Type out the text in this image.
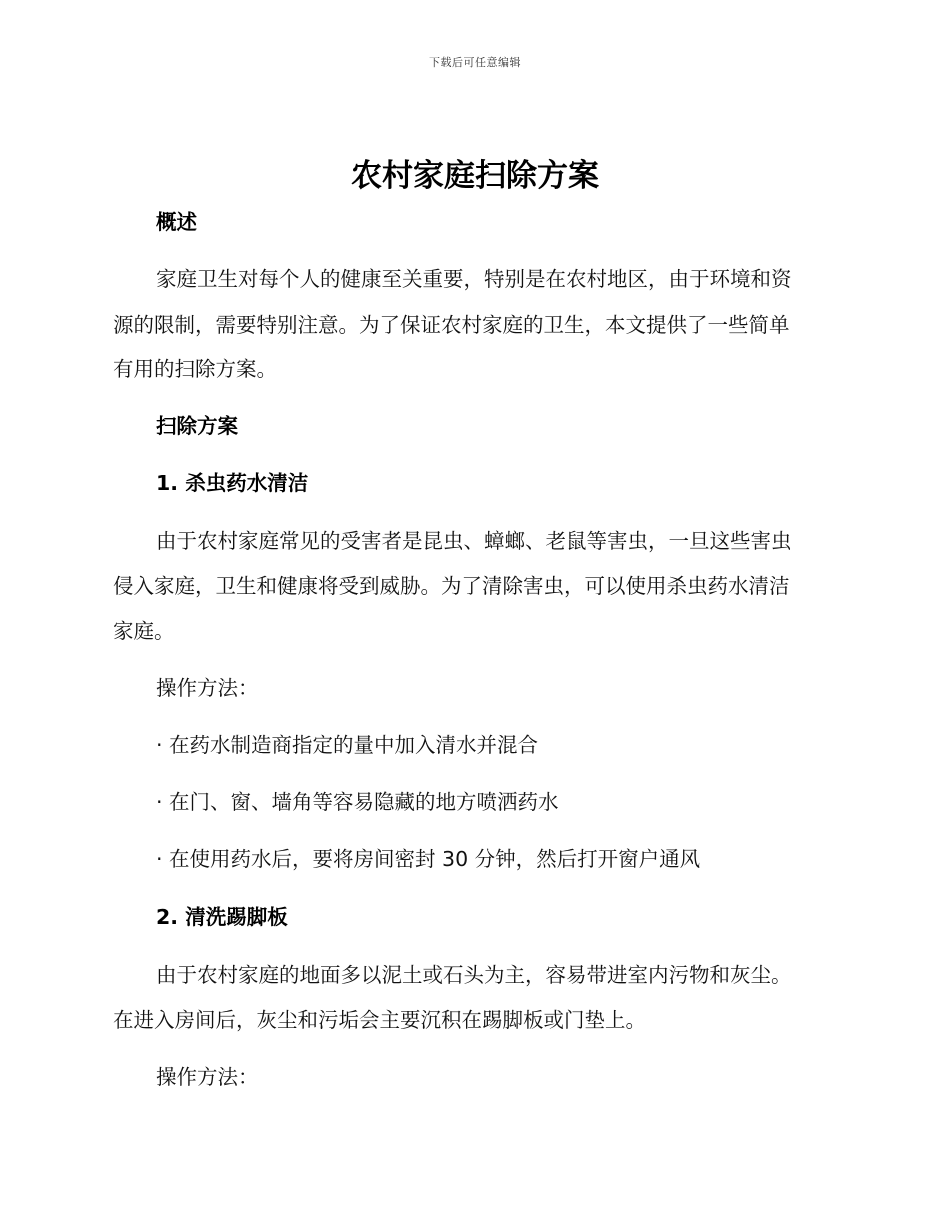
下载后可任意编辑
农村家庭扫除方案
概述
家庭卫生对每个人的健康至关重要，特别是在农村地区，由于环境和资
源的限制，需要特别注意。为了保证农村家庭的卫生，本文提供了一些简单
有用的扫除方案。
扫除方案
1. 杀虫药水清洁
由于农村家庭常见的受害者是昆虫、蟑螂、老鼠等害虫，一旦这些害虫
侵入家庭，卫生和健康将受到威胁。为了清除害虫，可以使用杀虫药水清洁
家庭。
操作方法：
· 在药水制造商指定的量中加入清水并混合
· 在门、窗、墙角等容易隐藏的地方喷洒药水
· 在使用药水后，要将房间密封 30 分钟，然后打开窗户通风
2. 清洗踢脚板
由于农村家庭的地面多以泥土或石头为主，容易带进室内污物和灰尘。
在进入房间后，灰尘和污垢会主要沉积在踢脚板或门垫上。
操作方法：
